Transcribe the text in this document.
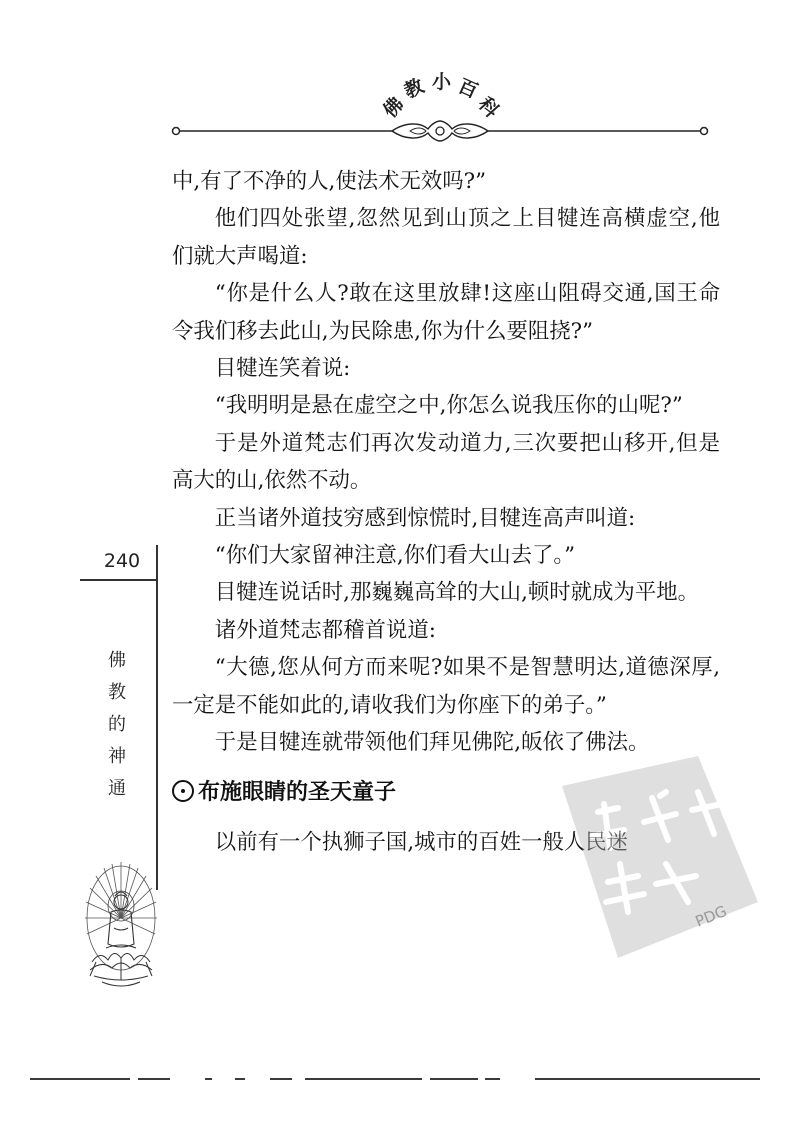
佛
教 小 百
科
240
佛
教
的
神
通

中,有了不净的人,使法术无效吗?”

他们四处张望,忽然见到山顶之上目犍连高横虚空,他们就大声喝道:

“你是什么人?敢在这里放肆!这座山阻碍交通,国王命令我们移去此山,为民除患,你为什么要阻挠?”

目犍连笑着说:

“我明明是悬在虚空之中,你怎么说我压你的山呢?”

于是外道梵志们再次发动道力,三次要把山移开,但是高大的山,依然不动。

正当诸外道技穷感到惊慌时,目犍连高声叫道:

“你们大家留神注意,你们看大山去了。”

目犍连说话时,那巍巍高耸的大山,顿时就成为平地。

诸外道梵志都稽首说道:

“大德,您从何方而来呢?如果不是智慧明达,道德深厚,一定是不能如此的,请收我们为你座下的弟子。”

于是目犍连就带领他们拜见佛陀,皈依了佛法。

布施眼睛的圣天童子

以前有一个执狮子国,城市的百姓一般人民迷

PDG
